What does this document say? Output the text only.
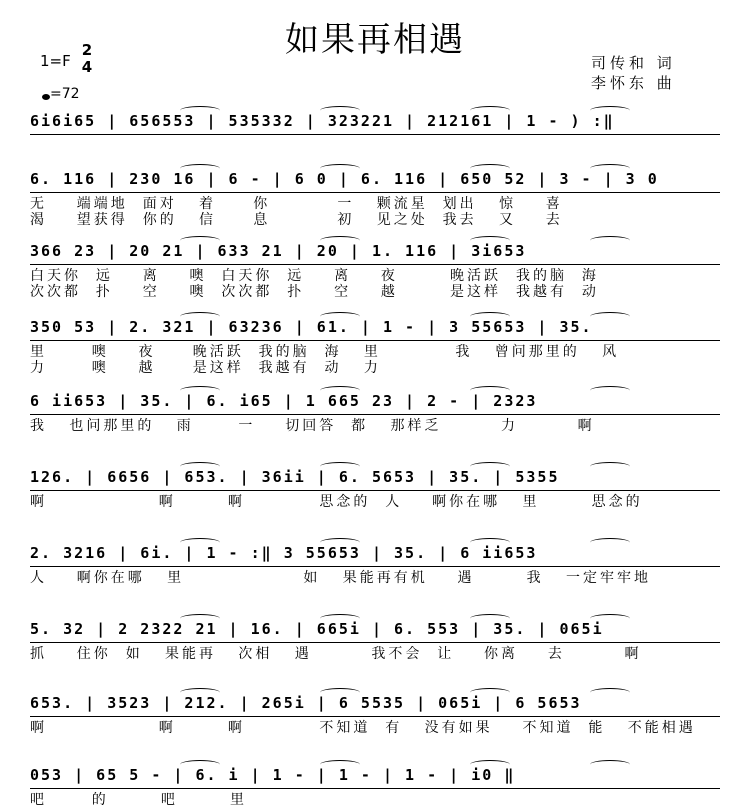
如果再相遇
1=F
2
4
=72
司传和 词
李怀东 曲
6i6i65 | 656553 | 535332 | 323221 | 212161 | 1 - ) :‖
6. 116 | 230 16 | 6 - | 6 0 | 6. 116 | 650 52 | 3 - | 3 0
无    端端地  面对   着     你         一   颗流星  划出   惊    喜
渴    望获得  你的   信     息         初   见之处  我去   又    去
366 23 | 20 21 | 633 21 | 20 | 1. 116 | 3i653
白天你  远    离    噢  白天你  远    离    夜       晚活跃  我的脑  海
次次都  扑    空    噢  次次都  扑    空    越       是这样  我越有  动
350 53 | 2. 321 | 63236 | 61. | 1 - | 3 55653 | 35.
里      噢    夜     晚活跃  我的脑  海   里          我   曾问那里的   风
力      噢    越     是这样  我越有  动   力
6 ii653 | 35. | 6. i65 | 1 665 23 | 2 - | 2323
我   也问那里的   雨      一    切回答  都   那样乏        力        啊
126. | 6656 | 653. | 36ii | 6. 5653 | 35. | 5355
啊               啊       啊          思念的  人    啊你在哪   里       思念的
2. 3216 | 6i. | 1 - :‖ 3 55653 | 35. | 6 ii653
人    啊你在哪   里                如   果能再有机    遇       我   一定牢牢地
5. 32 | 2 2322 21 | 16. | 665i | 6. 553 | 35. | 065i
抓    住你  如   果能再   次相   遇        我不会  让    你离    去        啊
653. | 3523 | 212. | 265i | 6 5535 | 065i | 6 5653
啊               啊       啊          不知道  有   没有如果    不知道  能   不能相遇
053 | 65 5 - | 6. i | 1 - | 1 - | 1 - | i0 ‖
吧      的       吧       里
